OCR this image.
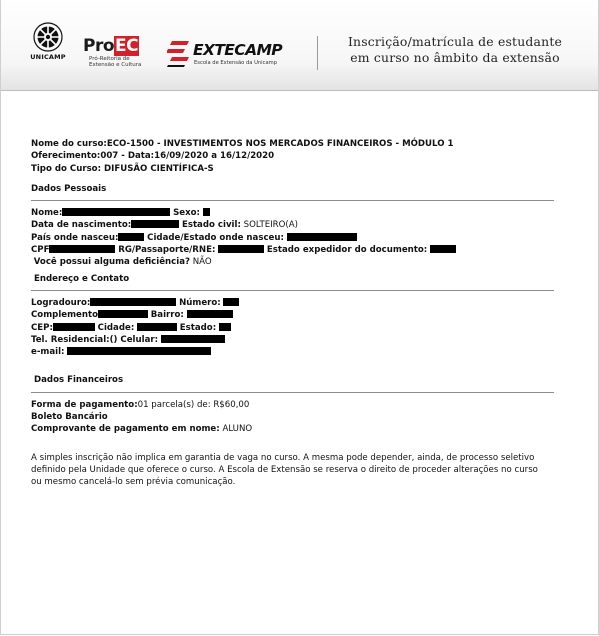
UNICAMP
ProEC
Pró-Reitoria de
Extensão e Cultura
EXTECAMP
Escola de Extensão da Unicamp
Inscrição/matrícula de estudante
em curso no âmbito da extensão
Nome do curso:ECO-1500 - INVESTIMENTOS NOS MERCADOS FINANCEIROS - MÓDULO 1
Oferecimento:007 - Data:16/09/2020 a 16/12/2020
Tipo do Curso: DIFUSÃO CIENTÍFICA-S
Dados Pessoais
Nome:	Sexo:
Data de nascimento:	Estado civil: SOLTEIRO(A)
País onde nasceu:	Cidade/Estado onde nasceu:
CPF	RG/Passaporte/RNE:	Estado expedidor do documento:
Você possui alguma deficiência? NÃO
Endereço e Contato
Logradouro:	Número:
Complemento	Bairro:
CEP:	Cidade:	Estado:
Tel. Residencial:() Celular:
e-mail:
Dados Financeiros
Forma de pagamento:01 parcela(s) de: R$60,00
Boleto Bancário
Comprovante de pagamento em nome: ALUNO
A simples inscrição não implica em garantia de vaga no curso. A mesma pode depender, ainda, de processo seletivo definido pela Unidade que oferece o curso. A Escola de Extensão se reserva o direito de proceder alterações no curso ou mesmo cancelá-lo sem prévia comunicação.
